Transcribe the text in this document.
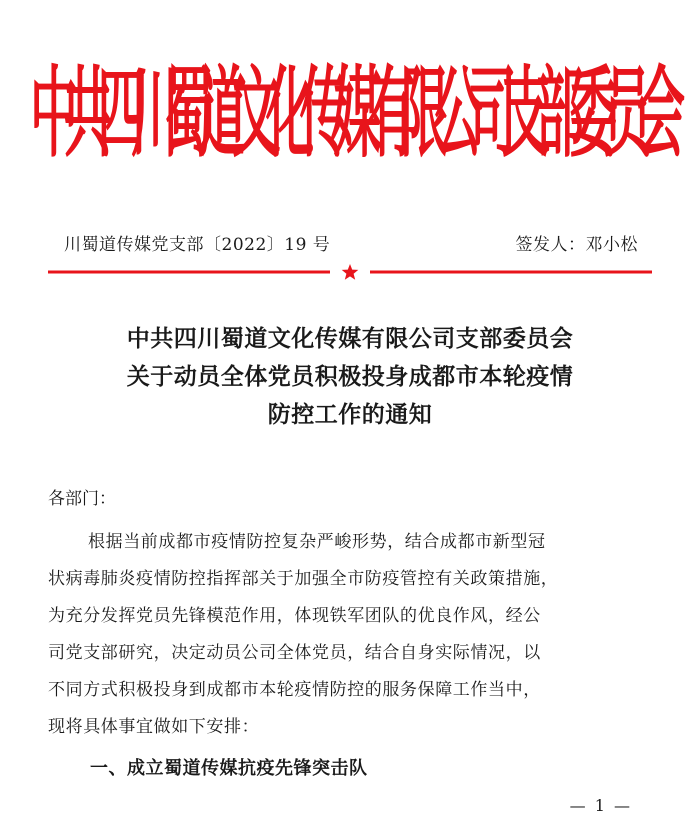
中
共
四
川
蜀
道
文
化
传
媒
有
限
公
司
支
部
委
员
会
川蜀道传媒党支部〔2022〕19 号	签发人：邓小松
中共四川蜀道文化传媒有限公司支部委员会
关于动员全体党员积极投身成都市本轮疫情
防控工作的通知
各部门：
根据当前成都市疫情防控复杂严峻形势，结合成都市新型冠
状病毒肺炎疫情防控指挥部关于加强全市防疫管控有关政策措施，
为充分发挥党员先锋模范作用，体现铁军团队的优良作风，经公
司党支部研究，决定动员公司全体党员，结合自身实际情况，以
不同方式积极投身到成都市本轮疫情防控的服务保障工作当中，
现将具体事宜做如下安排：
一、成立蜀道传媒抗疫先锋突击队
— 1 —
